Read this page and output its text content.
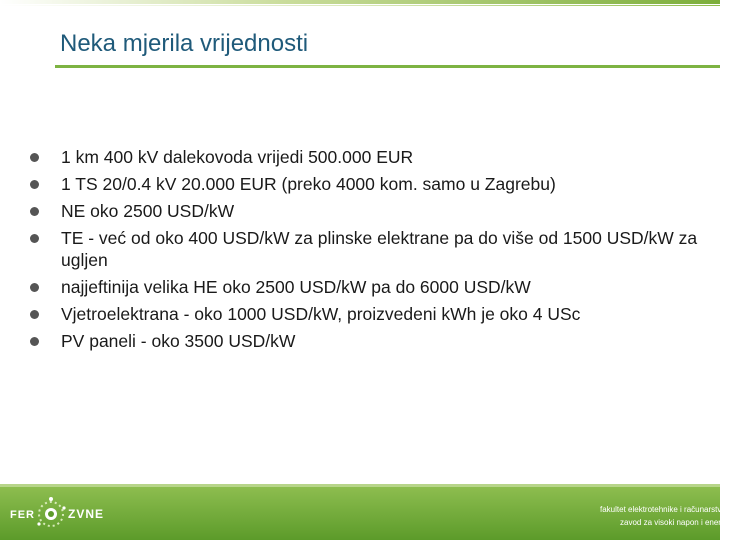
Neka mjerila vrijednosti
1 km 400 kV dalekovoda vrijedi 500.000 EUR
1 TS 20/0.4 kV 20.000 EUR (preko 4000 kom. samo u Zagrebu)
NE oko 2500 USD/kW
TE - već od oko 400 USD/kW za plinske elektrane pa do više od 1500 USD/kW za ugljen
najjeftinija velika HE oko 2500 USD/kW pa do 6000 USD/kW
Vjetroelektrana - oko 1000 USD/kW, proizvedeni kWh je oko 4 USc
PV paneli - oko 3500 USD/kW
FER	ZVNE	fakultet elektrotehnike i računarstva
zavod za visoki napon i energetiku
